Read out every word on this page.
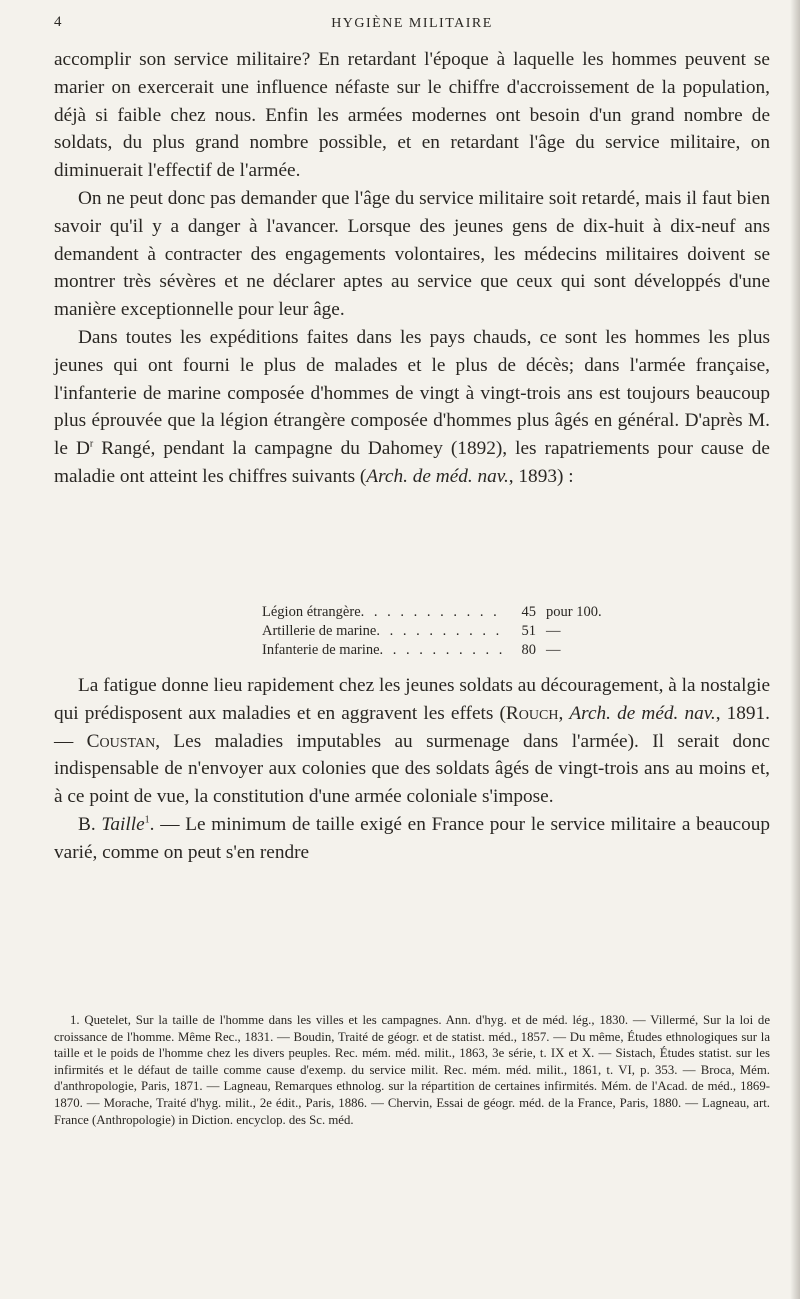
4	HYGIÈNE MILITAIRE

accomplir son service militaire? En retardant l'époque à laquelle les hommes peuvent se marier on exercerait une influence néfaste sur le chiffre d'accroissement de la population, déjà si faible chez nous. Enfin les armées modernes ont besoin d'un grand nombre de soldats, du plus grand nombre possible, et en retardant l'âge du service militaire, on diminuerait l'effectif de l'armée.

On ne peut donc pas demander que l'âge du service militaire soit retardé, mais il faut bien savoir qu'il y a danger à l'avancer. Lorsque des jeunes gens de dix-huit à dix-neuf ans demandent à contracter des engagements volontaires, les médecins militaires doivent se montrer très sévères et ne déclarer aptes au service que ceux qui sont développés d'une manière exceptionnelle pour leur âge.

Dans toutes les expéditions faites dans les pays chauds, ce sont les hommes les plus jeunes qui ont fourni le plus de malades et le plus de décès; dans l'armée française, l'infanterie de marine composée d'hommes de vingt à vingt-trois ans est toujours beaucoup plus éprouvée que la légion étrangère composée d'hommes plus âgés en général. D'après M. le $D^r$ Rangé, pendant la campagne du Dahomey (1892), les rapatriements pour cause de maladie ont atteint les chiffres suivants (Arch. de méd. nav., 1893) :

Légion étrangère . . .	45 pour 100.
Artillerie de marine . . .	51 —
Infanterie de marine . . .	80 —

La fatigue donne lieu rapidement chez les jeunes soldats au découragement, à la nostalgie qui prédisposent aux maladies et en aggravent les effets (Rouch, Arch. de méd. nav., 1891. — Coustan, Les maladies imputables au surmenage dans l'armée). Il serait donc indispensable de n'envoyer aux colonies que des soldats âgés de vingt-trois ans au moins et, à ce point de vue, la constitution d'une armée coloniale s'impose.

B. Taille$^1$. — Le minimum de taille exigé en France pour le service militaire a beaucoup varié, comme on peut s'en rendre

1. Quetelet, Sur la taille de l'homme dans les villes et les campagnes. Ann. d'hyg. et de méd. lég., 1830. — Villermé, Sur la loi de croissance de l'homme. Même Rec., 1831. — Boudin, Traité de géogr. et de statist. méd., 1857. — Du même, Études ethnologiques sur la taille et le poids de l'homme chez les divers peuples. Rec. mém. méd. milit., 1863, 3e série, t. IX et X. — Sistach, Études statist. sur les infirmités et le défaut de taille comme cause d'exemp. du service milit. Rec. mém. méd. milit., 1861, t. VI, p. 353. — Broca, Mém. d'anthropologie, Paris, 1871. — Lagneau, Remarques ethnolog. sur la répartition de certaines infirmités. Mém. de l'Acad. de méd., 1869-1870. — Morache, Traité d'hyg. milit., 2e édit., Paris, 1886. — Chervin, Essai de géogr. méd. de la France, Paris, 1880. — Lagneau, art. France (Anthropologie) in Diction. encyclop. des Sc. méd.
